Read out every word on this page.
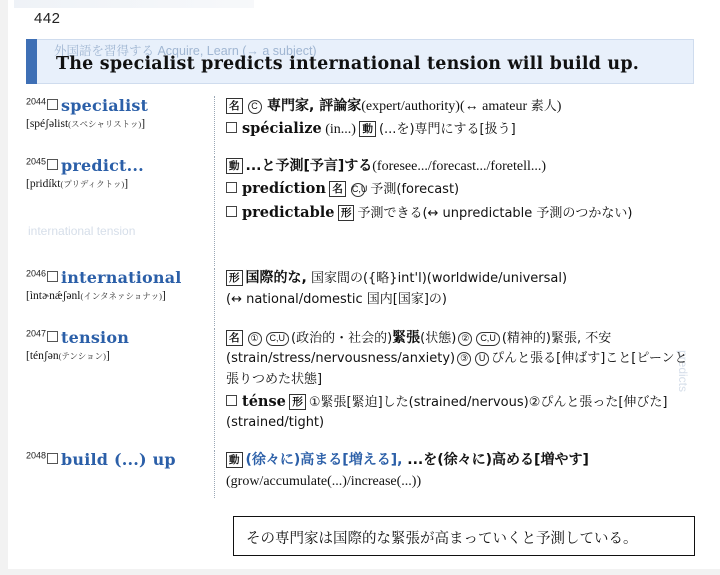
442
外国語を習得する Acquire, Learn (→ a subject)
The specialist predicts international tension will build up.
international tension
predicts
$^{2044}$ specialist
[spéʃəlist(スペシャリストッ)]
名 C 専門家, 評論家(expert/authority)(↔ amateur 素人)
spécialize (in...) 動 (...を)専門にする[扱う]
$^{2045}$ predict...
[pridíkt(プリディクトッ)]
動 ...と予測[予言]する(foresee.../forecast.../foretell...)
predíction 名 C,U 予測(forecast)
predictable 形 予測できる(↔ unpredictable 予測のつかない)
$^{2046}$ international
[ìntɚnǽʃənl(インタネァショナッ)]
形 国際的な, 国家間の({略}int'l)(worldwide/universal)
(↔ national/domestic 国内[国家]の)
$^{2047}$ tension
[ténʃən(テンション)]
名 ① C,U (政治的・社会的)緊張(状態) ② C,U (精神的)緊張, 不安(strain/stress/nervousness/anxiety) ③ U ぴんと張る[伸ばす]こと[ピーンと張りつめた状態]
ténse 形 ①緊張[緊迫]した(strained/nervous)②ぴんと張った[伸びた](strained/tight)
$^{2048}$ build (...) up	動 (徐々に)高まる[増える], ...を(徐々に)高める[増やす]
(grow/accumulate(...)/increase(...))
その専門家は国際的な緊張が高まっていくと予測している。
